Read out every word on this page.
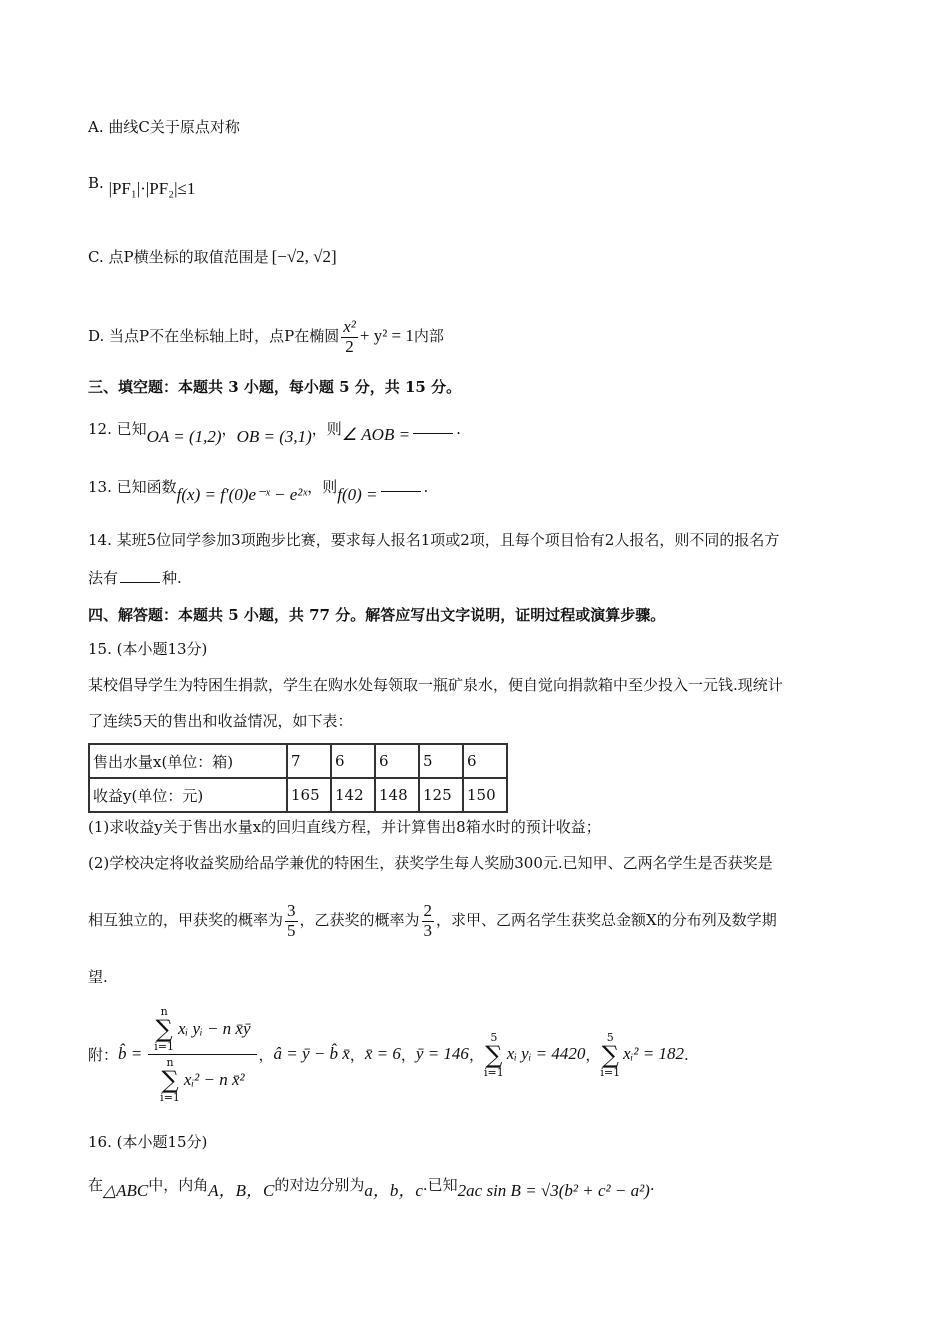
A. 曲线C关于原点对称
B. |PF₁|·|PF₂|≤1
C. 点P横坐标的取值范围是 [−√2, √2]
D. 当点P不在坐标轴上时，点P在椭圆 $\frac{\text{x²}}{2} + y^2 = 1$内部
三、填空题：本题共 3 小题，每小题 5 分，共 15 分。
12. 已知OA = (1,2)，OB = (3,1)，则∠ AOB =	.
13. 已知函数f(x) = f′(0)e⁻ˣ − e²ˣ，则f(0) =	.
14. 某班5位同学参加3项跑步比赛，要求每人报名1项或2项，且每个项目恰有2人报名，则不同的报名方
法有	种.
四、解答题：本题共 5 小题，共 77 分。解答应写出文字说明，证明过程或演算步骤。
15. (本小题13分)
某校倡导学生为特困生捐款，学生在购水处每领取一瓶矿泉水，便自觉向捐款箱中至少投入一元钱.现统计
了连续5天的售出和收益情况，如下表：
售出水量x(单位：箱)	7	6	6	5	6
收益y(单位：元)	165	142	148	125	150
(1)求收益y关于售出水量x的回归直线方程，并计算售出8箱水时的预计收益；
(2)学校决定将收益奖励给品学兼优的特困生，获奖学生每人奖励300元.已知甲、乙两名学生是否获奖是
相互独立的，甲获奖的概率为 $\frac{3}{5}$ ，乙获奖的概率为 $\frac{2}{3}$ ，求甲、乙两名学生获奖总金额X的分布列及数学期
望.
附： b̂ = n
∑
i=1
xᵢ yᵢ − n x̄ȳ
n
∑
i=1
xᵢ² − n x̄² ， â = ȳ − b̂ x̄ ， x̄ = 6 ， ȳ = 146 ，
5
∑
i=1
xᵢ yᵢ = 4420 ，
5
∑
i=1
xᵢ² = 182 .
16. (本小题15分)
在△ABC中，内角A，B，C的对边分别为a，b，c.已知2ac sin B = √3(b² + c² − a²).
